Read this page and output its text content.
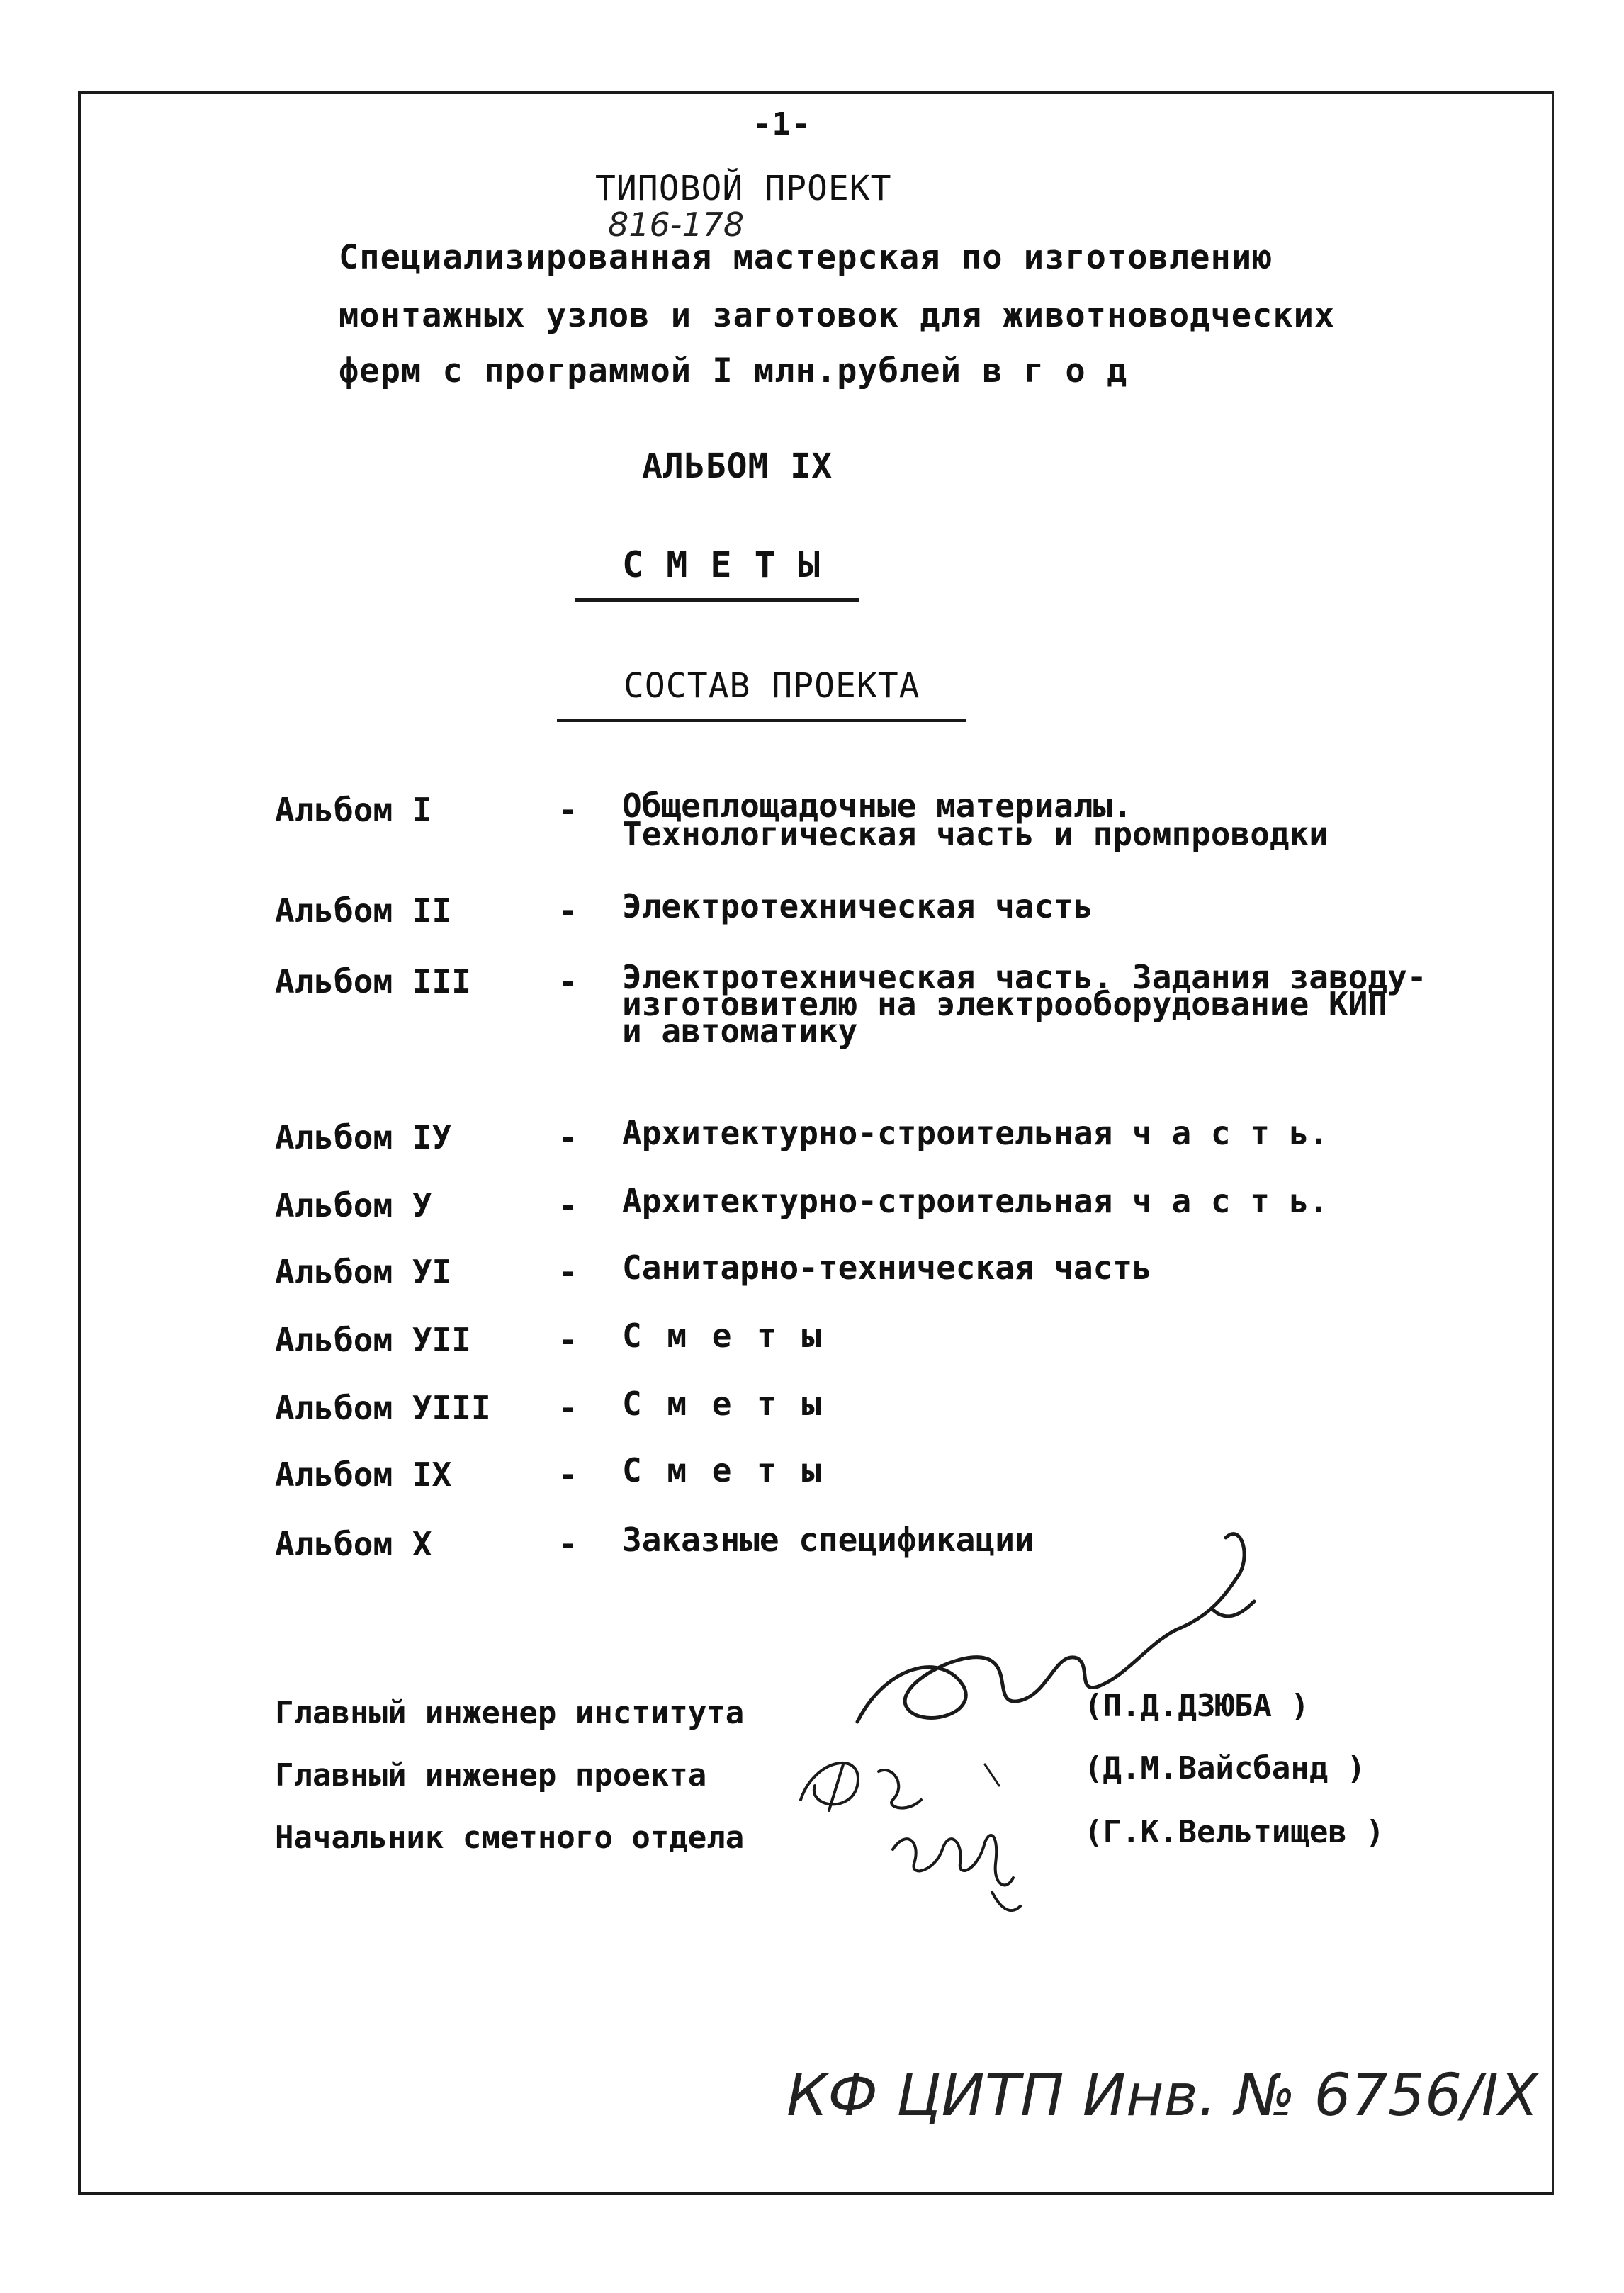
-1-
ТИПОВОЙ ПРОЕКТ
816-178
Специализированная мастерская по изготовлению
монтажных узлов и заготовок для животноводческих
ферм с программой I млн.рублей в г о д
АЛЬБОМ IX
С М Е Т Ы
СОСТАВ ПРОЕКТА
Альбом I	- Общеплощадочные материалы.
Технологическая часть и промпроводки
Альбом II	- Электротехническая часть
Альбом III	- Электротехническая часть. Задания заводу-
изготовителю на электрооборудование КИП
и автоматику
Альбом IУ	- Архитектурно-строительная ч а с т ь.
Альбом У	- Архитектурно-строительная ч а с т ь.
Альбом УI	- Санитарно-техническая часть
Альбом УII	- С м е т ы
Альбом УIII - С м е т ы
Альбом IX	- С м е т ы
Альбом X	- Заказные спецификации
Главный инженер института	(П.Д.ДЗЮБА )
Главный инженер проекта	(Д.М.Вайсбанд )
Начальник сметного отдела	(Г.К.Вельтищев )
КФ ЦИТП Инв. № 6756/IX
